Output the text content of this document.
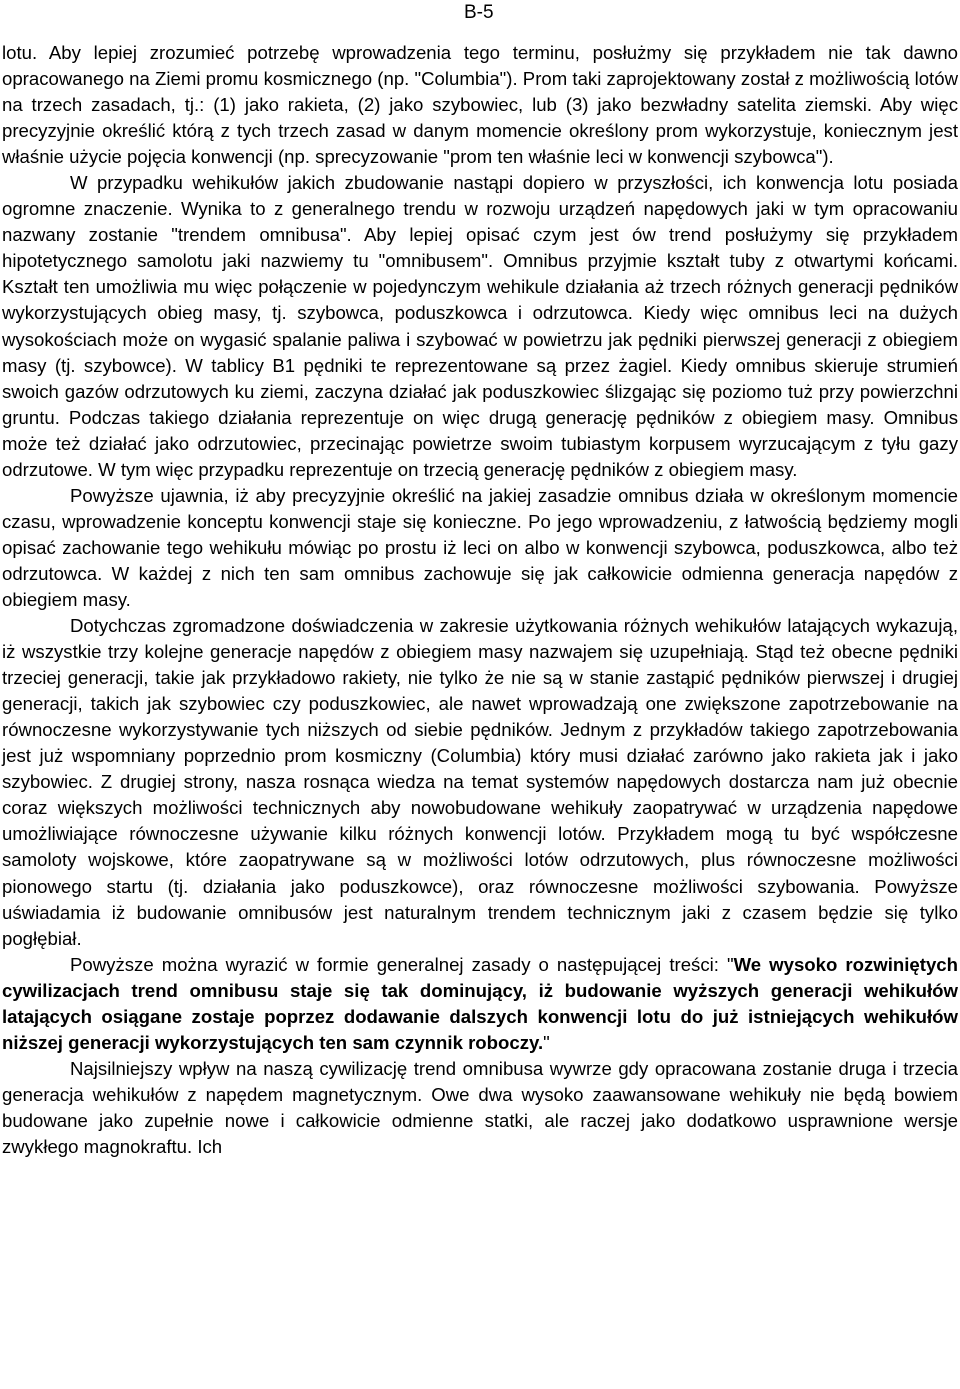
B-5

lotu. Aby lepiej zrozumieć potrzebę wprowadzenia tego terminu, posłużmy się przykładem nie tak dawno opracowanego na Ziemi promu kosmicznego (np. "Columbia"). Prom taki zaprojektowany został z możliwością lotów na trzech zasadach, tj.: (1) jako rakieta, (2) jako szybowiec, lub (3) jako bezwładny satelita ziemski. Aby więc precyzyjnie określić którą z tych trzech zasad w danym momencie określony prom wykorzystuje, koniecznym jest właśnie użycie pojęcia konwencji (np. sprecyzowanie "prom ten właśnie leci w konwencji szybowca").

W przypadku wehikułów jakich zbudowanie nastąpi dopiero w przyszłości, ich konwencja lotu posiada ogromne znaczenie. Wynika to z generalnego trendu w rozwoju urządzeń napędowych jaki w tym opracowaniu nazwany zostanie "trendem omnibusa". Aby lepiej opisać czym jest ów trend posłużymy się przykładem hipotetycznego samolotu jaki nazwiemy tu "omnibusem". Omnibus przyjmie kształt tuby z otwartymi końcami. Kształt ten umożliwia mu więc połączenie w pojedynczym wehikule działania aż trzech różnych generacji pędników wykorzystujących obieg masy, tj. szybowca, poduszkowca i odrzutowca. Kiedy więc omnibus leci na dużych wysokościach może on wygasić spalanie paliwa i szybować w powietrzu jak pędniki pierwszej generacji z obiegiem masy (tj. szybowce). W tablicy B1 pędniki te reprezentowane są przez żagiel. Kiedy omnibus skieruje strumień swoich gazów odrzutowych ku ziemi, zaczyna działać jak poduszkowiec ślizgając się poziomo tuż przy powierzchni gruntu. Podczas takiego działania reprezentuje on więc drugą generację pędników z obiegiem masy. Omnibus może też działać jako odrzutowiec, przecinając powietrze swoim tubiastym korpusem wyrzucającym z tyłu gazy odrzutowe. W tym więc przypadku reprezentuje on trzecią generację pędników z obiegiem masy.

Powyższe ujawnia, iż aby precyzyjnie określić na jakiej zasadzie omnibus działa w określonym momencie czasu, wprowadzenie konceptu konwencji staje się konieczne. Po jego wprowadzeniu, z łatwością będziemy mogli opisać zachowanie tego wehikułu mówiąc po prostu iż leci on albo w konwencji szybowca, poduszkowca, albo też odrzutowca. W każdej z nich ten sam omnibus zachowuje się jak całkowicie odmienna generacja napędów z obiegiem masy.

Dotychczas zgromadzone doświadczenia w zakresie użytkowania różnych wehikułów latających wykazują, iż wszystkie trzy kolejne generacje napędów z obiegiem masy nazwajem się uzupełniają. Stąd też obecne pędniki trzeciej generacji, takie jak przykładowo rakiety, nie tylko że nie są w stanie zastąpić pędników pierwszej i drugiej generacji, takich jak szybowiec czy poduszkowiec, ale nawet wprowadzają one zwiększone zapotrzebowanie na równoczesne wykorzystywanie tych niższych od siebie pędników. Jednym z przykładów takiego zapotrzebowania jest już wspomniany poprzednio prom kosmiczny (Columbia) który musi działać zarówno jako rakieta jak i jako szybowiec. Z drugiej strony, nasza rosnąca wiedza na temat systemów napędowych dostarcza nam już obecnie coraz większych możliwości technicznych aby nowobudowane wehikuły zaopatrywać w urządzenia napędowe umożliwiające równoczesne używanie kilku różnych konwencji lotów. Przykładem mogą tu być współczesne samoloty wojskowe, które zaopatrywane są w możliwości lotów odrzutowych, plus równoczesne możliwości pionowego startu (tj. działania jako poduszkowce), oraz równoczesne możliwości szybowania. Powyższe uświadamia iż budowanie omnibusów jest naturalnym trendem technicznym jaki z czasem będzie się tylko pogłębiał.

Powyższe można wyrazić w formie generalnej zasady o następującej treści: "We wysoko rozwiniętych cywilizacjach trend omnibusu staje się tak dominujący, iż budowanie wyższych generacji wehikułów latających osiągane zostaje poprzez dodawanie dalszych konwencji lotu do już istniejących wehikułów niższej generacji wykorzystujących ten sam czynnik roboczy."

Najsilniejszy wpływ na naszą cywilizację trend omnibusa wywrze gdy opracowana zostanie druga i trzecia generacja wehikułów z napędem magnetycznym. Owe dwa wysoko zaawansowane wehikuły nie będą bowiem budowane jako zupełnie nowe i całkowicie odmienne statki, ale raczej jako dodatkowo usprawnione wersje zwykłego magnokraftu. Ich
